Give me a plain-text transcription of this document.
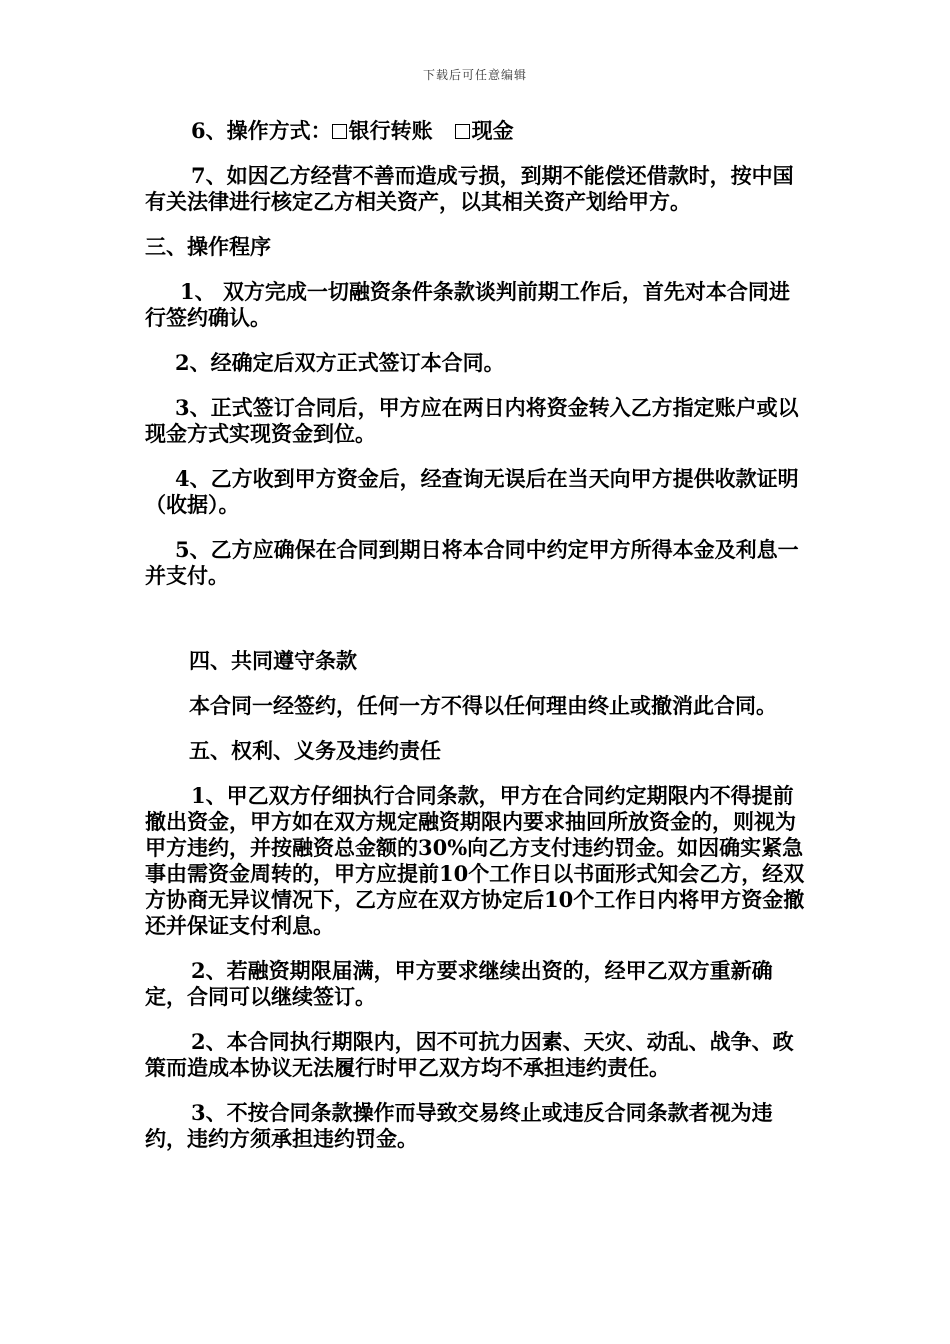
下载后可任意编辑

6、操作方式： 银行转账 现金

7、如因乙方经营不善而造成亏损，到期不能偿还借款时，按中国有关法律进行核定乙方相关资产，以其相关资产划给甲方。

三、操作程序

1、 双方完成一切融资条件条款谈判前期工作后，首先对本合同进行签约确认。

2、经确定后双方正式签订本合同。

3、正式签订合同后，甲方应在两日内将资金转入乙方指定账户或以现金方式实现资金到位。

4、乙方收到甲方资金后，经查询无误后在当天向甲方提供收款证明（收据）。

5、乙方应确保在合同到期日将本合同中约定甲方所得本金及利息一并支付。

四、共同遵守条款

本合同一经签约，任何一方不得以任何理由终止或撤消此合同。

五、权利、义务及违约责任

1、甲乙双方仔细执行合同条款，甲方在合同约定期限内不得提前撤出资金，甲方如在双方规定融资期限内要求抽回所放资金的，则视为甲方违约，并按融资总金额的30%向乙方支付违约罚金。如因确实紧急事由需资金周转的，甲方应提前10个工作日以书面形式知会乙方，经双方协商无异议情况下，乙方应在双方协定后10个工作日内将甲方资金撤还并保证支付利息。

2、若融资期限届满，甲方要求继续出资的，经甲乙双方重新确定，合同可以继续签订。

2、本合同执行期限内，因不可抗力因素、天灾、动乱、战争、政策而造成本协议无法履行时甲乙双方均不承担违约责任。

3、不按合同条款操作而导致交易终止或违反合同条款者视为违约，违约方须承担违约罚金。
